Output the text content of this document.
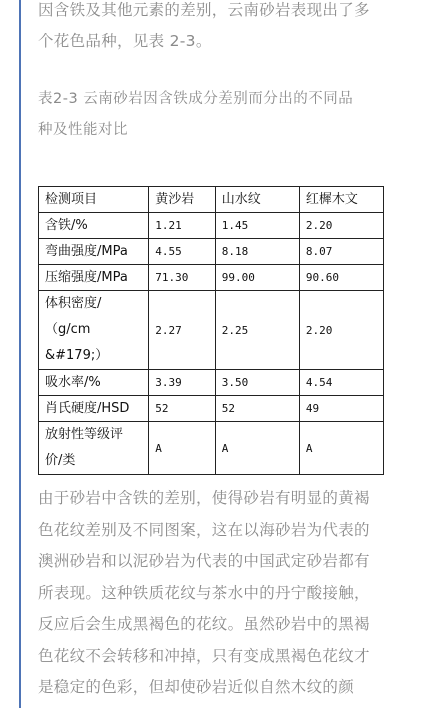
因含铁及其他元素的差别，云南砂岩表现出了多
个花色品种，见表 2-3。

表2-3 云南砂岩因含铁成分差别而分出的不同品
种及性能对比

检测项目	黄沙岩	山水纹	红樨木文
含铁/%	1.21	1.45	2.20
弯曲强度/MPa	4.55	8.18	8.07
压缩强度/MPa	71.30	99.00	90.60

体积密度/（g/cm
&#179;）	2.27	2.25	2.20
吸水率/%	3.39	3.50	4.54
肖氏硬度/HSD	52	52	49

放射性等级评
价/类	A	A	A

由于砂岩中含铁的差别，使得砂岩有明显的黄褐
色花纹差别及不同图案，这在以海砂岩为代表的
澳洲砂岩和以泥砂岩为代表的中国武定砂岩都有
所表现。这种铁质花纹与茶水中的丹宁酸接触，
反应后会生成黑褐色的花纹。虽然砂岩中的黑褐
色花纹不会转移和冲掉，只有变成黑褐色花纹才
是稳定的色彩，但却使砂岩近似自然木纹的颜
